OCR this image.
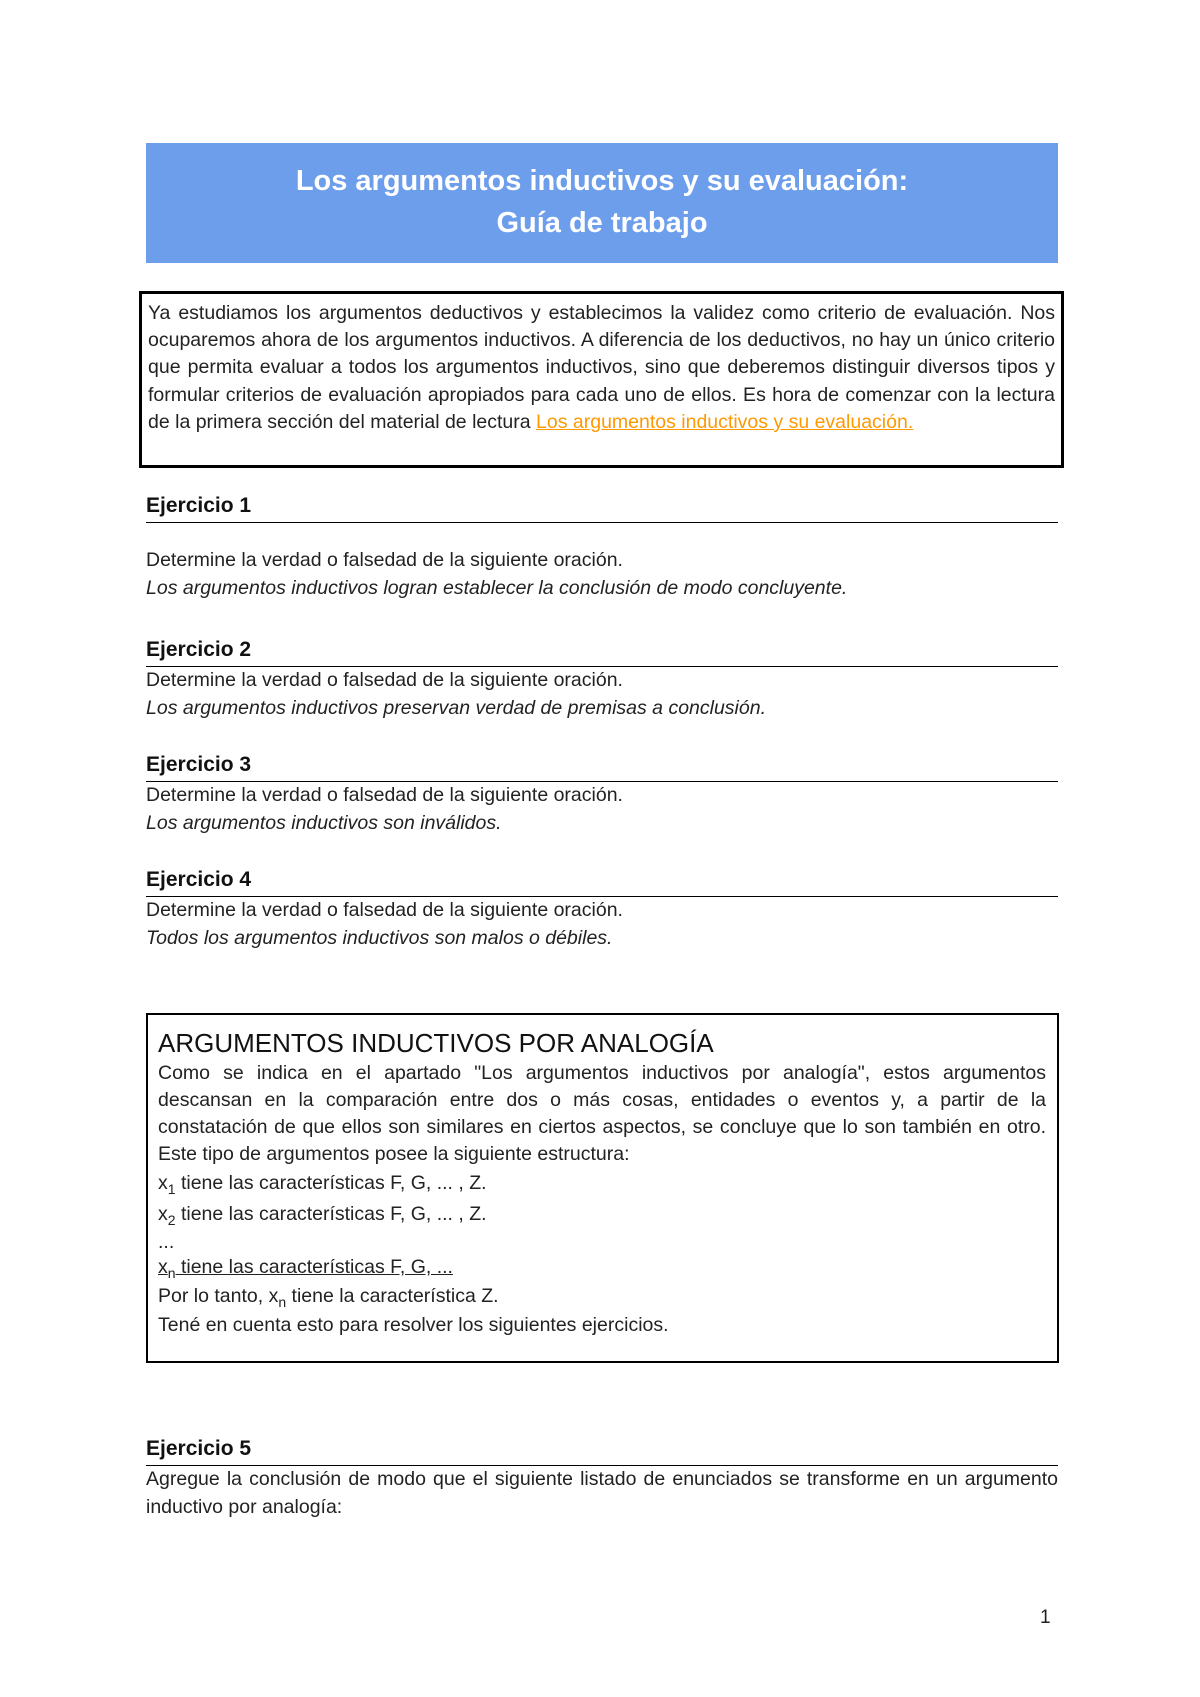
Los argumentos inductivos y su evaluación:
Guía de trabajo
Ya estudiamos los argumentos deductivos y establecimos la validez como criterio de evaluación. Nos ocuparemos ahora de los argumentos inductivos. A diferencia de los deductivos, no hay un único criterio que permita evaluar a todos los argumentos inductivos, sino que deberemos distinguir diversos tipos y formular criterios de evaluación apropiados para cada uno de ellos. Es hora de comenzar con la lectura de la primera sección del material de lectura Los argumentos inductivos y su evaluación.
Ejercicio 1
Determine la verdad o falsedad de la siguiente oración.
Los argumentos inductivos logran establecer la conclusión de modo concluyente.
Ejercicio 2
Determine la verdad o falsedad de la siguiente oración.
Los argumentos inductivos preservan verdad de premisas a conclusión.
Ejercicio 3
Determine la verdad o falsedad de la siguiente oración.
Los argumentos inductivos son inválidos.
Ejercicio 4
Determine la verdad o falsedad de la siguiente oración.
Todos los argumentos inductivos son malos o débiles.
ARGUMENTOS INDUCTIVOS POR ANALOGÍA
Como se indica en el apartado "Los argumentos inductivos por analogía", estos argumentos descansan en la comparación entre dos o más cosas, entidades o eventos y, a partir de la constatación de que ellos son similares en ciertos aspectos, se concluye que lo son también en otro. Este tipo de argumentos posee la siguiente estructura:
$x_1$ tiene las características F, G, ... , Z.
$x_2$ tiene las características F, G, ... , Z.
...
$x_n$ tiene las características F, G, ...
Por lo tanto, $x_n$ tiene la característica Z.
Tené en cuenta esto para resolver los siguientes ejercicios.
Ejercicio 5
Agregue la conclusión de modo que el siguiente listado de enunciados se transforme en un argumento inductivo por analogía:
1
